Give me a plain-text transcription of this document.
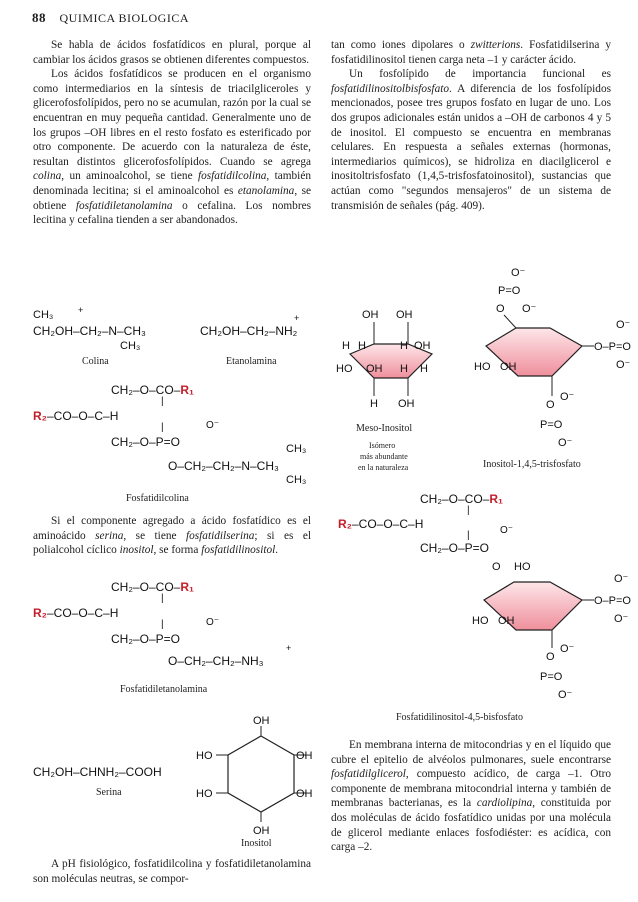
88 QUIMICA BIOLOGICA

Se habla de ácidos fosfatídicos en plural, porque al cambiar los ácidos grasos se obtienen diferentes compuestos.

Los ácidos fosfatídicos se producen en el organismo como intermediarios en la síntesis de triacilgliceroles y glicerofosfolípidos, pero no se acumulan, razón por la cual se encuentran en muy pequeña cantidad. Generalmente uno de los grupos –OH libres en el resto fosfato es esterificado por otro componente. De acuerdo con la naturaleza de éste, resultan distintos glicerofosfolípidos. Cuando se agrega colina, un aminoalcohol, se tiene fosfatidilcolina, también denominada lecitina; si el aminoalcohol es etanolamina, se obtiene fosfatidiletanolamina o cefalina. Los nombres lecitina y cefalina tienden a ser abandonados.

CH₃	+
CH₂OH–CH₂–N–CH₃
CH₃
Colina
CH₂OH–CH₂–NH₂
+
Etanolamina
CH₂–O–CO–R₁
R₂–CO–O–C–H
|
|	O⁻
CH₂–O–P=O
O–CH₂–CH₂–N–CH₃
CH₃
CH₃
Fosfatidilcolina

Si el componente agregado a ácido fosfatídico es el aminoácido serina, se tiene fosfatidilserina; si es el polialcohol cíclico inositol, se forma fosfatidilinositol.

CH₂–O–CO–R₁
R₂–CO–O–C–H
|
|	O⁻
CH₂–O–P=O
+
O–CH₂–CH₂–NH₃
Fosfatidiletanolamina
CH₂OH–CHNH₂–COOH
Serina
OH
HO	OH
HO	OH
OH
Inositol

A pH fisiológico, fosfatidilcolina y fosfatidiletanolamina son moléculas neutras, se compor-

tan como iones dipolares o zwitterions. Fosfatidilserina y fosfatidilinositol tienen carga neta –1 y carácter ácido.

Un fosfolípido de importancia funcional es fosfatidilinositolbisfosfato. A diferencia de los fosfolípidos mencionados, posee tres grupos fosfato en lugar de uno. Los dos grupos adicionales están unidos a –OH de carbonos 4 y 5 de inositol. El compuesto se encuentra en membranas celulares. En respuesta a señales externas (hormonas, intermediarios químicos), se hidroliza en diacilglicerol e inositoltrisfosfato (1,4,5-trisfosfatoinositol), sustancias que actúan como "segundos mensajeros" de un sistema de transmisión de señales (pág. 409).

OH OH
H H	H OH
HO OH H H
H OH
Meso-Inositol
Isómero
más abundante
en la naturaleza
O⁻
P=O
O O⁻
O–P=O
O⁻
O⁻
HO OH
O
O⁻
P=O
O⁻
Inositol-1,4,5-trisfosfato
CH₂–O–CO–R₁
R₂–CO–O–C–H
|
|	O⁻
CH₂–O–P=O
O HO
O–P=O
O⁻
O⁻
HO OH
O
O⁻
P=O
O⁻
Fosfatidilinositol-4,5-bisfosfato

En membrana interna de mitocondrias y en el líquido que cubre el epitelio de alvéolos pulmonares, suele encontrarse fosfatidilglicerol, compuesto acídico, de carga –1. Otro componente de membrana mitocondrial interna y también de membranas bacterianas, es la cardiolipina, constituida por dos moléculas de ácido fosfatídico unidas por una molécula de glicerol mediante enlaces fosfodiéster: es acídica, con carga –2.
